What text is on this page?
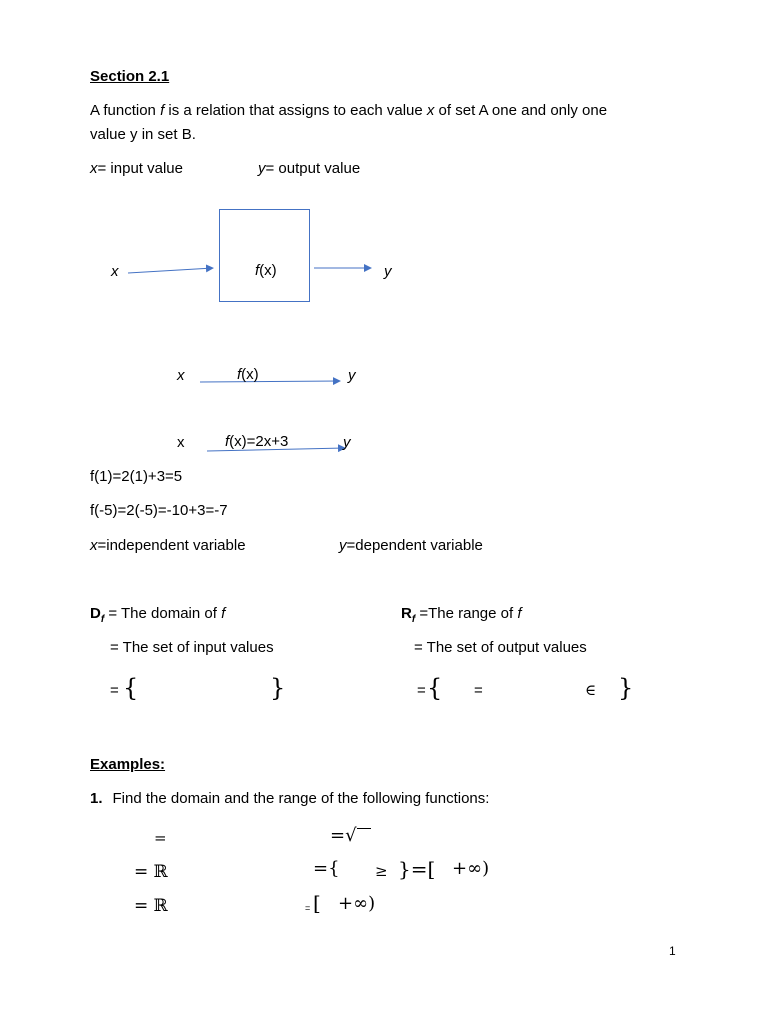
Section 2.1
A function f is a relation that assigns to each value x of set A one and only one
value y in set B.
x= input value	y= output value
x	f(x)	y
x	f(x)	y
x	f(x)=2x+3	y
f(1)=2(1)+3=5
f(-5)=2(-5)=-10+3=-7
x=independent variable	y=dependent variable
$D_f$ = The domain of f
= The set of input values
= {	}
$R_f =The$ range of f
= The set of output values
= { =	∈ }
Examples:
1. Find the domain and the range of the following functions:
=	=√
= ℝ	={ ≥ }=[ +∞)
= ℝ	= [ +∞)
1
